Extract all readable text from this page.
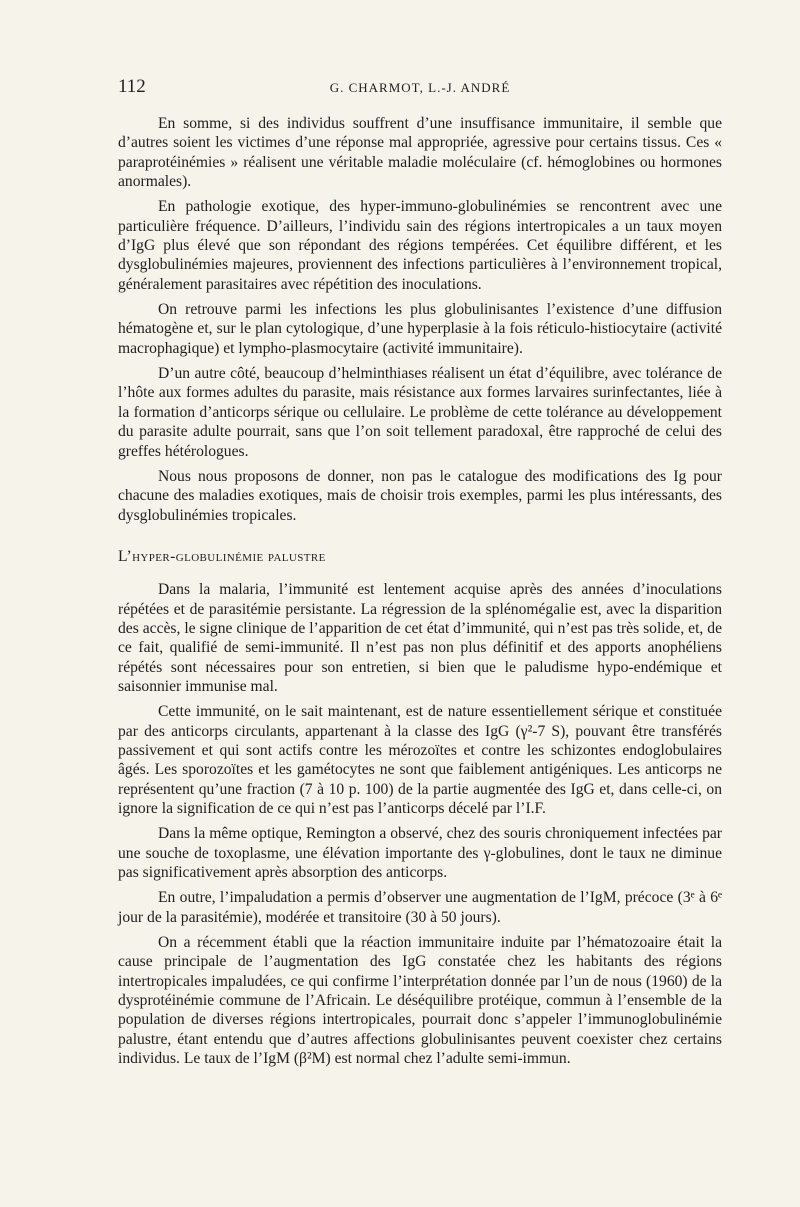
112	G. CHARMOT, L.-J. ANDRÉ

En somme, si des individus souffrent d’une insuffisance immunitaire, il semble que d’autres soient les victimes d’une réponse mal appropriée, agressive pour certains tissus. Ces « paraprotéinémies » réalisent une véritable maladie moléculaire (cf. hémoglobines ou hormones anormales).

En pathologie exotique, des hyper-immuno-globulinémies se rencontrent avec une particulière fréquence. D’ailleurs, l’individu sain des régions intertropicales a un taux moyen d’IgG plus élevé que son répondant des régions tempérées. Cet équilibre différent, et les dysglobulinémies majeures, proviennent des infections particulières à l’environnement tropical, généralement parasitaires avec répétition des inoculations.

On retrouve parmi les infections les plus globulinisantes l’existence d’une diffusion hématogène et, sur le plan cytologique, d’une hyperplasie à la fois réticulo-histiocytaire (activité macrophagique) et lympho-plasmocytaire (activité immunitaire).

D’un autre côté, beaucoup d’helminthiases réalisent un état d’équilibre, avec tolérance de l’hôte aux formes adultes du parasite, mais résistance aux formes larvaires surinfectantes, liée à la formation d’anticorps sérique ou cellulaire. Le problème de cette tolérance au développement du parasite adulte pourrait, sans que l’on soit tellement paradoxal, être rapproché de celui des greffes hétérologues.

Nous nous proposons de donner, non pas le catalogue des modifications des Ig pour chacune des maladies exotiques, mais de choisir trois exemples, parmi les plus intéressants, des dysglobulinémies tropicales.

L’hyper-globulinémie palustre

Dans la malaria, l’immunité est lentement acquise après des années d’inoculations répétées et de parasitémie persistante. La régression de la splénomégalie est, avec la disparition des accès, le signe clinique de l’apparition de cet état d’immunité, qui n’est pas très solide, et, de ce fait, qualifié de semi-immunité. Il n’est pas non plus définitif et des apports anophéliens répétés sont nécessaires pour son entretien, si bien que le paludisme hypo-endémique et saisonnier immunise mal.

Cette immunité, on le sait maintenant, est de nature essentiellement sérique et constituée par des anticorps circulants, appartenant à la classe des IgG (γ²-7 S), pouvant être transférés passivement et qui sont actifs contre les mérozoïtes et contre les schizontes endoglobulaires âgés. Les sporozoïtes et les gamétocytes ne sont que faiblement antigéniques. Les anticorps ne représentent qu’une fraction (7 à 10 p. 100) de la partie augmentée des IgG et, dans celle-ci, on ignore la signification de ce qui n’est pas l’anticorps décelé par l’I.F.

Dans la même optique, Remington a observé, chez des souris chroniquement infectées par une souche de toxoplasme, une élévation importante des γ-globulines, dont le taux ne diminue pas significativement après absorption des anticorps.

En outre, l’impaludation a permis d’observer une augmentation de l’IgM, précoce (3ᵉ à 6ᵉ jour de la parasitémie), modérée et transitoire (30 à 50 jours).

On a récemment établi que la réaction immunitaire induite par l’hématozoaire était la cause principale de l’augmentation des IgG constatée chez les habitants des régions intertropicales impaludées, ce qui confirme l’interprétation donnée par l’un de nous (1960) de la dysprotéinémie commune de l’Africain. Le déséquilibre protéique, commun à l’ensemble de la population de diverses régions intertropicales, pourrait donc s’appeler l’immunoglobulinémie palustre, étant entendu que d’autres affections globulinisantes peuvent coexister chez certains individus. Le taux de l’IgM (β²M) est normal chez l’adulte semi-immun.
